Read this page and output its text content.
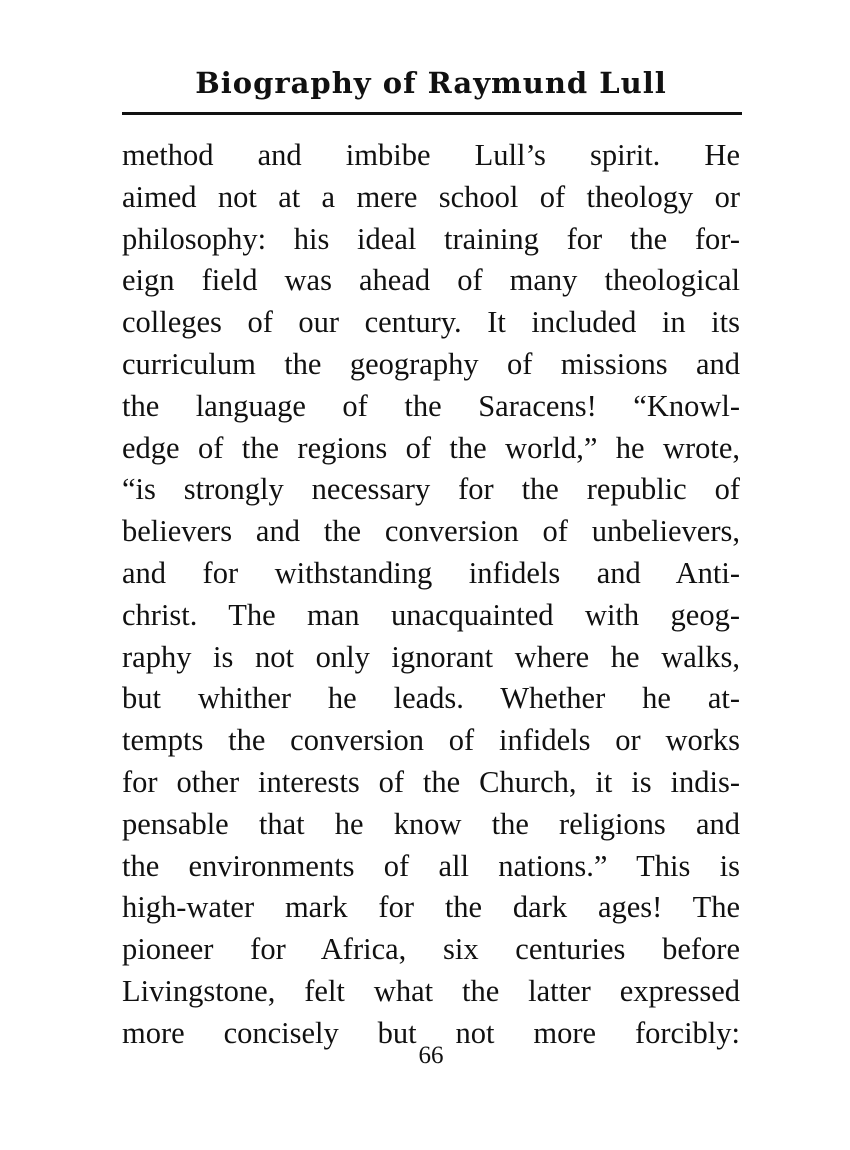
Biography of Raymund Lull
method and imbibe Lull’s spirit. He
aimed not at a mere school of theology or
philosophy: his ideal training for the for-
eign field was ahead of many theological
colleges of our century. It included in its
curriculum the geography of missions and
the language of the Saracens! “Knowl-
edge of the regions of the world,” he wrote,
“is strongly necessary for the republic of
believers and the conversion of unbelievers,
and for withstanding infidels and Anti-
christ. The man unacquainted with geog-
raphy is not only ignorant where he walks,
but whither he leads. Whether he at-
tempts the conversion of infidels or works
for other interests of the Church, it is indis-
pensable that he know the religions and
the environments of all nations.” This is
high-water mark for the dark ages! The
pioneer for Africa, six centuries before
Livingstone, felt what the latter expressed
more concisely but not more forcibly:
66
